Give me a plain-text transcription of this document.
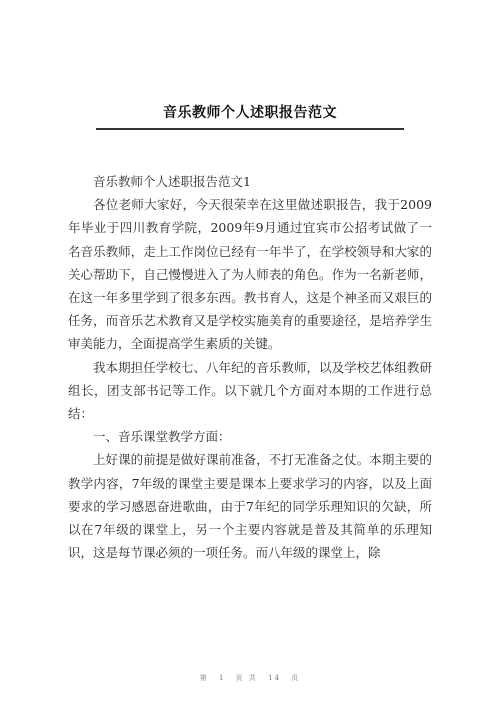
音乐教师个人述职报告范文

音乐教师个人述职报告范文1

各位老师大家好，今天很荣幸在这里做述职报告，我于2009年毕业于四川教育学院，2009年9月通过宜宾市公招考试做了一名音乐教师，走上工作岗位已经有一年半了，在学校领导和大家的关心帮助下，自己慢慢进入了为人师表的角色。作为一名新老师，在这一年多里学到了很多东西。教书育人，这是个神圣而又艰巨的任务，而音乐艺术教育又是学校实施美育的重要途径，是培养学生审美能力，全面提高学生素质的关键。

我本期担任学校七、八年纪的音乐教师，以及学校艺体组教研组长，团支部书记等工作。以下就几个方面对本期的工作进行总结：

一、音乐课堂教学方面：

上好课的前提是做好课前准备，不打无准备之仗。本期主要的教学内容，7年级的课堂主要是课本上要求学习的内容，以及上面要求的学习感恩奋进歌曲，由于7年纪的同学乐理知识的欠缺，所以在7年级的课堂上，另一个主要内容就是普及其简单的乐理知识，这是每节课必须的一项任务。而八年级的课堂上，除

第 1 页 共 14 页
